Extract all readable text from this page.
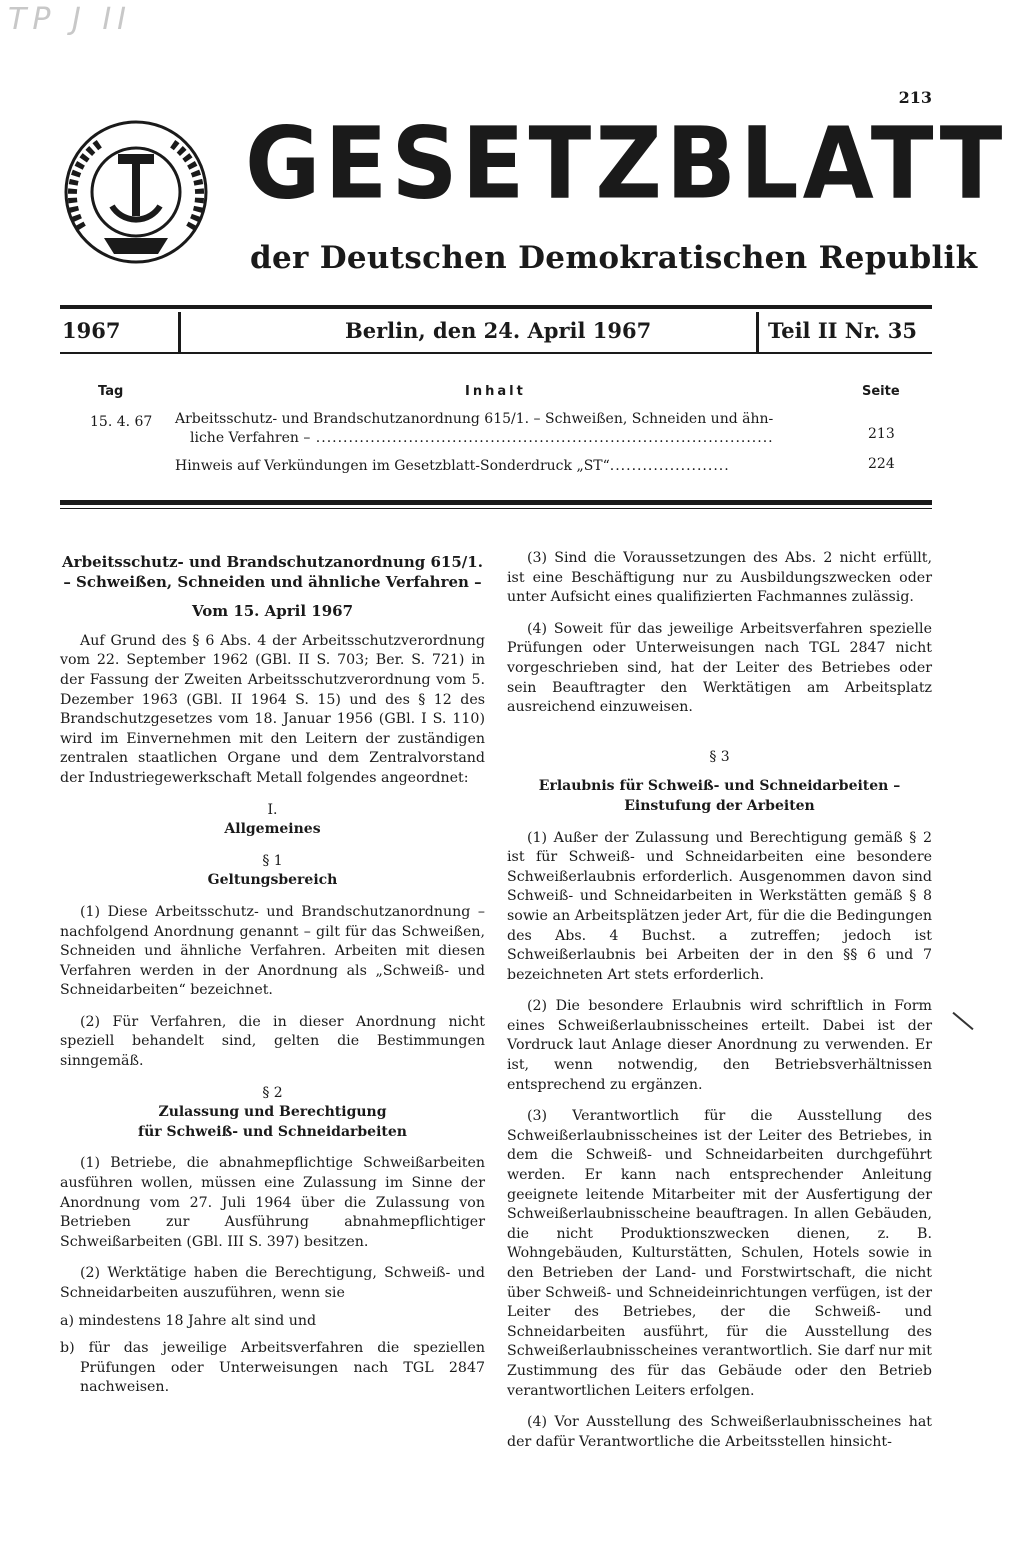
TP J II
213
GESETZBLATT
der Deutschen Demokratischen Republik
1967	Berlin, den 24. April 1967	Teil II Nr. 35
Tag	Inhalt	Seite
15. 4. 67 Arbeitsschutz- und Brandschutzanordnung 615/1. – Schweißen, Schneiden und ähn-
liche Verfahren – ....................................................................................	213
Hinweis auf Verkündungen im Gesetzblatt-Sonderdruck „ST“......................	224
Arbeitsschutz- und Brandschutzanordnung 615/1.
– Schweißen, Schneiden und ähnliche Verfahren –
Vom 15. April 1967

Auf Grund des § 6 Abs. 4 der Arbeitsschutzverordnung vom 22. September 1962 (GBl. II S. 703; Ber. S. 721) in der Fassung der Zweiten Arbeitsschutzverordnung vom 5. Dezember 1963 (GBl. II 1964 S. 15) und des § 12 des Brandschutzgesetzes vom 18. Januar 1956 (GBl. I S. 110) wird im Einvernehmen mit den Leitern der zuständigen zentralen staatlichen Organe und dem Zentralvorstand der Industriegewerkschaft Metall folgendes angeordnet:

I.
Allgemeines
§ 1
Geltungsbereich

(1) Diese Arbeitsschutz- und Brandschutzanordnung – nachfolgend Anordnung genannt – gilt für das Schweißen, Schneiden und ähnliche Verfahren. Arbeiten mit diesen Verfahren werden in der Anordnung als „Schweiß- und Schneidarbeiten“ bezeichnet.

(2) Für Verfahren, die in dieser Anordnung nicht speziell behandelt sind, gelten die Bestimmungen sinngemäß.

§ 2
Zulassung und Berechtigung
für Schweiß- und Schneidarbeiten

(1) Betriebe, die abnahmepflichtige Schweißarbeiten ausführen wollen, müssen eine Zulassung im Sinne der Anordnung vom 27. Juli 1964 über die Zulassung von Betrieben zur Ausführung abnahmepflichtiger Schweißarbeiten (GBl. III S. 397) besitzen.

(2) Werktätige haben die Berechtigung, Schweiß- und Schneidarbeiten auszuführen, wenn sie

a) mindestens 18 Jahre alt sind und
b) für das jeweilige Arbeitsverfahren die speziellen Prüfungen oder Unterweisungen nach TGL 2847 nachweisen.

(3) Sind die Voraussetzungen des Abs. 2 nicht erfüllt, ist eine Beschäftigung nur zu Ausbildungszwecken oder unter Aufsicht eines qualifizierten Fachmannes zulässig.

(4) Soweit für das jeweilige Arbeitsverfahren spezielle Prüfungen oder Unterweisungen nach TGL 2847 nicht vorgeschrieben sind, hat der Leiter des Betriebes oder sein Beauftragter den Werktätigen am Arbeitsplatz ausreichend einzuweisen.

§ 3
Erlaubnis für Schweiß- und Schneidarbeiten –
Einstufung der Arbeiten

(1) Außer der Zulassung und Berechtigung gemäß § 2 ist für Schweiß- und Schneidarbeiten eine besondere Schweißerlaubnis erforderlich. Ausgenommen davon sind Schweiß- und Schneidarbeiten in Werkstätten gemäß § 8 sowie an Arbeitsplätzen jeder Art, für die die Bedingungen des Abs. 4 Buchst. a zutreffen; jedoch ist Schweißerlaubnis bei Arbeiten der in den §§ 6 und 7 bezeichneten Art stets erforderlich.

(2) Die besondere Erlaubnis wird schriftlich in Form eines Schweißerlaubnisscheines erteilt. Dabei ist der Vordruck laut Anlage dieser Anordnung zu verwenden. Er ist, wenn notwendig, den Betriebsverhältnissen entsprechend zu ergänzen.

(3) Verantwortlich für die Ausstellung des Schweißerlaubnisscheines ist der Leiter des Betriebes, in dem die Schweiß- und Schneidarbeiten durchgeführt werden. Er kann nach entsprechender Anleitung geeignete leitende Mitarbeiter mit der Ausfertigung der Schweißerlaubnisscheine beauftragen. In allen Gebäuden, die nicht Produktionszwecken dienen, z. B. Wohngebäuden, Kulturstätten, Schulen, Hotels sowie in den Betrieben der Land- und Forstwirtschaft, die nicht über Schweiß- und Schneideinrichtungen verfügen, ist der Leiter des Betriebes, der die Schweiß- und Schneidarbeiten ausführt, für die Ausstellung des Schweißerlaubnisscheines verantwortlich. Sie darf nur mit Zustimmung des für das Gebäude oder den Betrieb verantwortlichen Leiters erfolgen.

(4) Vor Ausstellung des Schweißerlaubnisscheines hat der dafür Verantwortliche die Arbeitsstellen hinsicht-
